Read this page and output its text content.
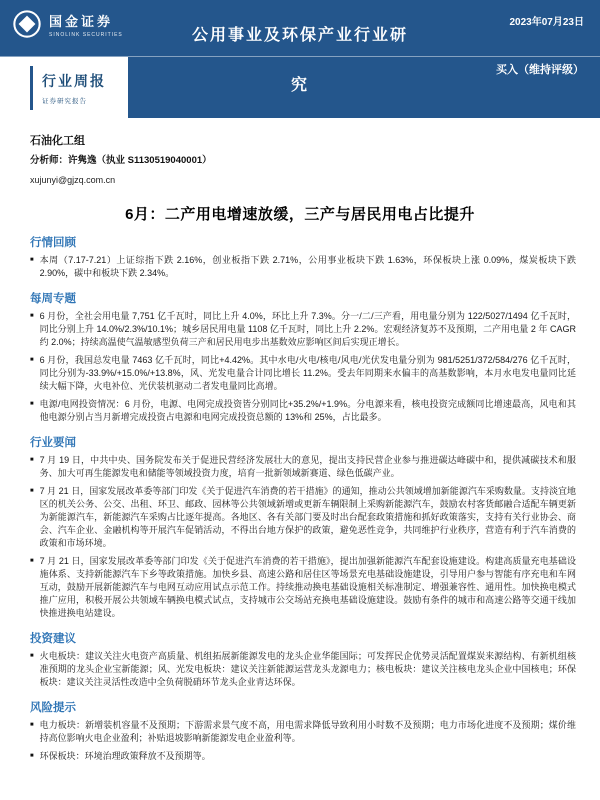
国金证券
SINOLINK SECURITIES
2023年07月23日
公用事业及环保产业行业研
究
买入（维持评级）
行业周报
证券研究报告
石油化工组
分析师：许隽逸（执业 S1130519040001）
xujunyi@gjzq.com.cn
6月：二产用电增速放缓，三产与居民用电占比提升
行情回顾
■ 本周（7.17-7.21）上证综指下跌 2.16%，创业板指下跌 2.71%，公用事业板块下跌 1.63%，环保板块上涨 0.09%，煤炭板块下跌 2.90%，碳中和板块下跌 2.34%。
每周专题
■ 6 月份，全社会用电量 7,751 亿千瓦时，同比上升 4.0%，环比上升 7.3%。分一/二/三产看，用电量分别为 122/5027/1494 亿千瓦时，同比分别上升 14.0%/2.3%/10.1%；城乡居民用电量 1108 亿千瓦时，同比上升 2.2%。宏观经济复苏不及预期，二产用电量 2 年 CAGR 约 2.0%；持续高温使气温敏感型负荷三产和居民用电步出基数效应影响区间后实现正增长。
■ 6 月份，我国总发电量 7463 亿千瓦时，同比+4.42%。其中水电/火电/核电/风电/光伏发电量分别为 981/5251/372/584/276 亿千瓦时，同比分别为-33.9%/+15.0%/+13.8%，风、光发电量合计同比增长 11.2%。受去年同期来水偏丰的高基数影响，本月水电发电量同比延续大幅下降，火电补位、光伏装机驱动二者发电量同比高增。
■ 电源/电网投资情况：6 月份，电源、电网完成投资皆分别同比+35.2%/+1.9%。分电源来看，核电投资完成额同比增速最高，风电和其他电源分别占当月新增完成投资占电源和电网完成投资总额的 13%和 25%，占比最多。
行业要闻
■ 7 月 19 日，中共中央、国务院发布关于促进民营经济发展壮大的意见，提出支持民营企业参与推进碳达峰碳中和，提供减碳技术和服务、加大可再生能源发电和储能等领域投资力度，培育一批新领域新赛道、绿色低碳产业。
■ 7 月 21 日，国家发展改革委等部门印发《关于促进汽车消费的若干措施》的通知，推动公共领域增加新能源汽车采购数量。支持淡宜地区的机关公务、公交、出租、环卫、邮政、园林等公共领域新增或更新车辆限制上采购新能源汽车，鼓励农村客货邮融合适配车辆更新为新能源汽车，新能源汽车采购占比逐年提高。各地区、各有关部门要及时出台配套政策措施和抓好政策落实，支持有关行业协会、商会、汽车企业、金融机构等开展汽车促销活动，不得出台地方保护的政策，避免恶性竞争，共同维护行业秩序，营造有利于汽车消费的政策和市场环境。
■ 7 月 21 日，国家发展改革委等部门印发《关于促进汽车消费的若干措施》，提出加强新能源汽车配套设施建设。构建高质量充电基础设施体系、支持新能源汽车下乡等政策措施。加快乡县、高速公路和居住区等场景充电基础设施建设，引导用户参与智能有序充电和车网互动，鼓励开展新能源汽车与电网互动应用试点示范工作。持续推动换电基础设施相关标准制定、增强兼容性、通用性。加快换电模式推广应用，积极开展公共领域车辆换电模式试点，支持城市公交场站充换电基础设施建设。鼓励有条件的城市和高速公路等交通干线加快推进换电站建设。
投资建议
■ 火电板块：建议关注火电资产高质量、机组拓展新能源发电的龙头企业华能国际；可发挥民企优势灵活配置煤炭来源结构、有新机组核准预期的龙头企业宝新能源；风、光发电板块：建议关注新能源运营龙头龙源电力；核电板块：建议关注核电龙头企业中国核电；环保板块：建议关注灵活性改造中全负荷脱硝环节龙头企业青达环保。
风险提示
■ 电力板块：新增装机容量不及预期；下游需求景气度不高，用电需求降低导致利用小时数不及预期；电力市场化进度不及预期；煤价维持高位影响火电企业盈利；补贴退坡影响新能源发电企业盈利等。
■ 环保板块：环境治理政策释放不及预期等。
